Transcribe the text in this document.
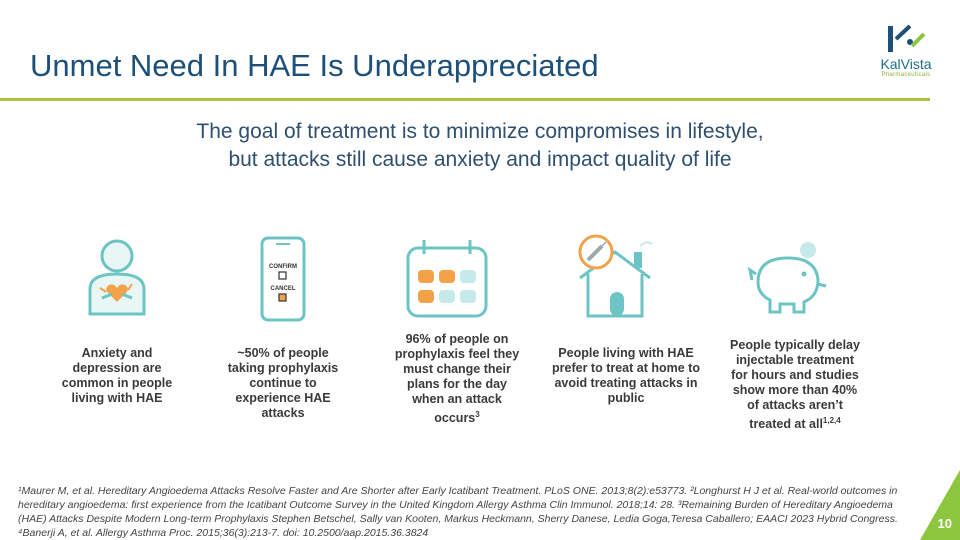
Unmet Need In HAE Is Underappreciated	KalVista
Pharmaceuticals
The goal of treatment is to minimize compromises in lifestyle,
but attacks still cause anxiety and impact quality of life
CONFIRM
CANCEL
Anxiety and
depression are
common in people
living with HAE
~50% of people
taking prophylaxis
continue to
experience HAE
attacks
96% of people on
prophylaxis feel they
must change their
plans for the day
when an attack
occurs$^3$
People living with HAE
prefer to treat at home to
avoid treating attacks in
public
People typically delay
injectable treatment
for hours and studies
show more than 40%
of attacks aren’t
treated at all$^{1,2,4}$
¹Maurer M, et al. Hereditary Angioedema Attacks Resolve Faster and Are Shorter after Early Icatibant Treatment. PLoS ONE. 2013;8(2):e53773. ²Longhurst H J et al. Real-world outcomes in hereditary angioedema: first experience from the Icatibant Outcome Survey in the United Kingdom Allergy Asthma Clin Immunol. 2018;14: 28. ³Remaining Burden of Hereditary Angioedema (HAE) Attacks Despite Modern Long-term Prophylaxis Stephen Betschel, Sally van Kooten, Markus Heckmann, Sherry Danese, Ledia Goga,Teresa Caballero; EAACI 2023 Hybrid Congress. ⁴Banerji A, et al. Allergy Asthma Proc. 2015;36(3):213-7. doi: 10.2500/aap.2015.36.3824
10
